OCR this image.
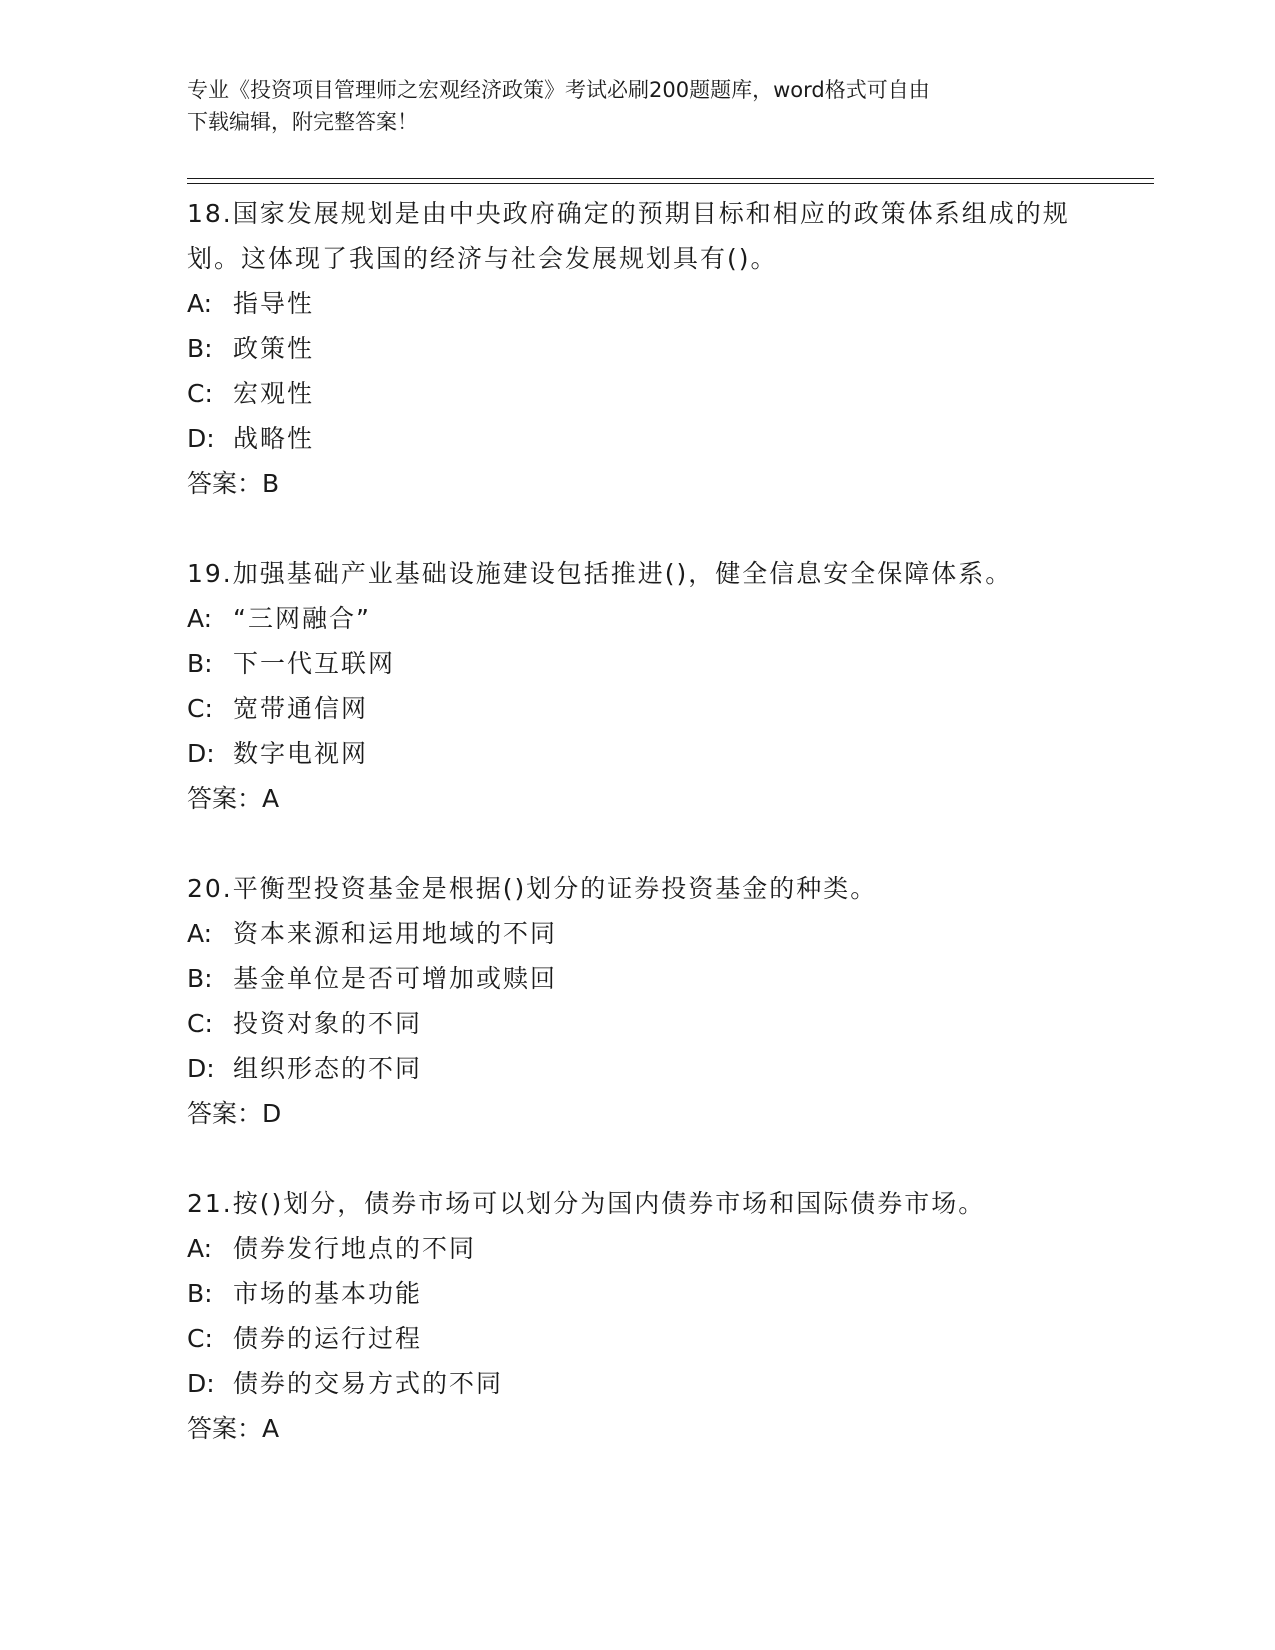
专业《投资项目管理师之宏观经济政策》考试必刷200题题库，word格式可自由
下载编辑，附完整答案！
18.国家发展规划是由中央政府确定的预期目标和相应的政策体系组成的规划。这体现了我国的经济与社会发展规划具有()。
A: 指导性
B: 政策性
C: 宏观性
D: 战略性
答案：B
19.加强基础产业基础设施建设包括推进()，健全信息安全保障体系。
A: “三网融合”
B: 下一代互联网
C: 宽带通信网
D: 数字电视网
答案：A
20.平衡型投资基金是根据()划分的证券投资基金的种类。
A: 资本来源和运用地域的不同
B: 基金单位是否可增加或赎回
C: 投资对象的不同
D: 组织形态的不同
答案：D
21.按()划分，债券市场可以划分为国内债券市场和国际债券市场。
A: 债券发行地点的不同
B: 市场的基本功能
C: 债券的运行过程
D: 债券的交易方式的不同
答案：A
